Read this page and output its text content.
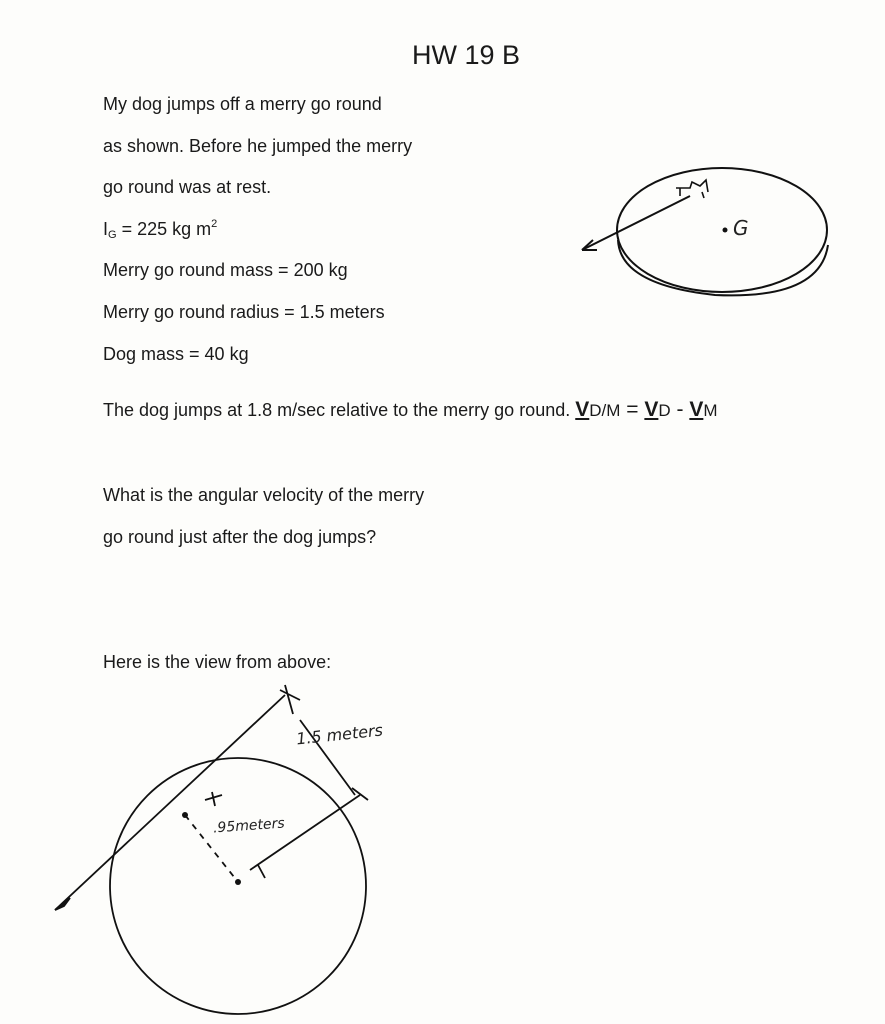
HW 19 B
My dog jumps off a merry go round
as shown. Before he jumped the merry
go round was at rest.
$I_G = 225$ kg $m^2$
Merry go round mass = 200 kg
Merry go round radius = 1.5 meters
Dog mass = 40 kg
The dog jumps at 1.8 m/sec relative to the merry go round. VD/M = VD - VM
What is the angular velocity of the merry
go round just after the dog jumps?
Here is the view from above:
G
1.5 meters
.95meters
